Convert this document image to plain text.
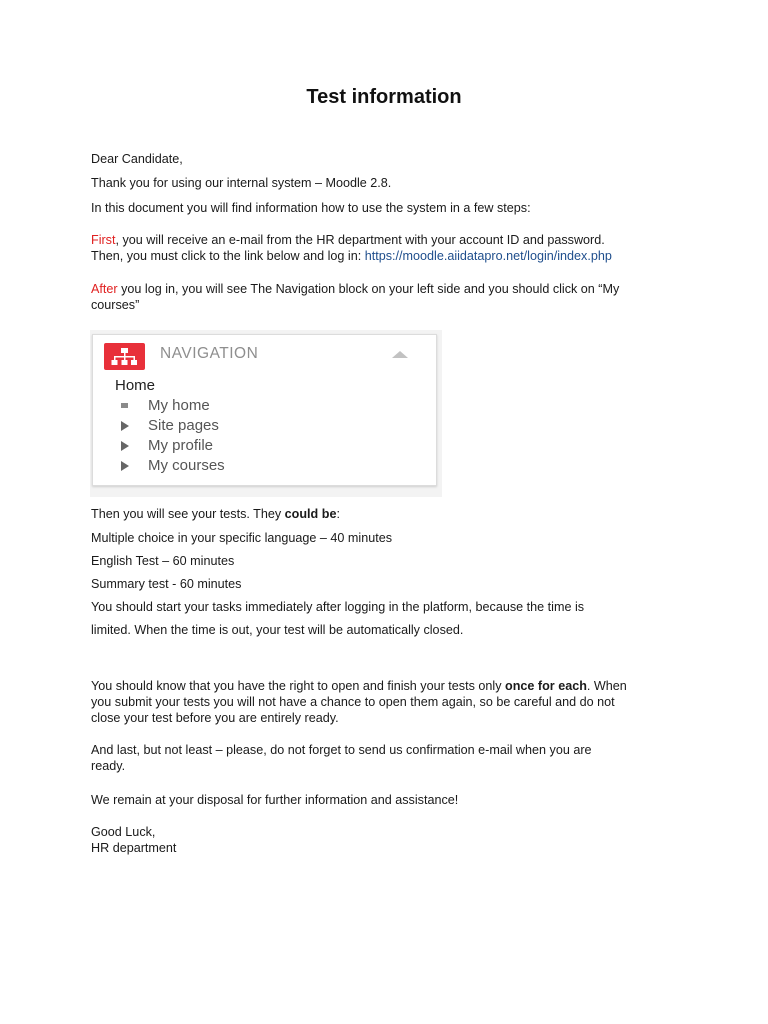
Test information
Dear Candidate,
Thank you for using our internal system – Moodle 2.8.
In this document you will find information how to use the system in a few steps:
First, you will receive an e-mail from the HR department with your account ID and password.
Then, you must click to the link below and log in: https://moodle.aiidatapro.net/login/index.php
After you log in, you will see The Navigation block on your left side and you should click on “My
courses”
NAVIGATION
Home
My home
Site pages
My profile
My courses
Then you will see your tests. They could be:
Multiple choice in your specific language – 40 minutes
English Test – 60 minutes
Summary test - 60 minutes
You should start your tasks immediately after logging in the platform, because the time is
limited. When the time is out, your test will be automatically closed.
You should know that you have the right to open and finish your tests only once for each. When
you submit your tests you will not have a chance to open them again, so be careful and do not
close your test before you are entirely ready.
And last, but not least – please, do not forget to send us confirmation e-mail when you are
ready.
We remain at your disposal for further information and assistance!
Good Luck,
HR department
